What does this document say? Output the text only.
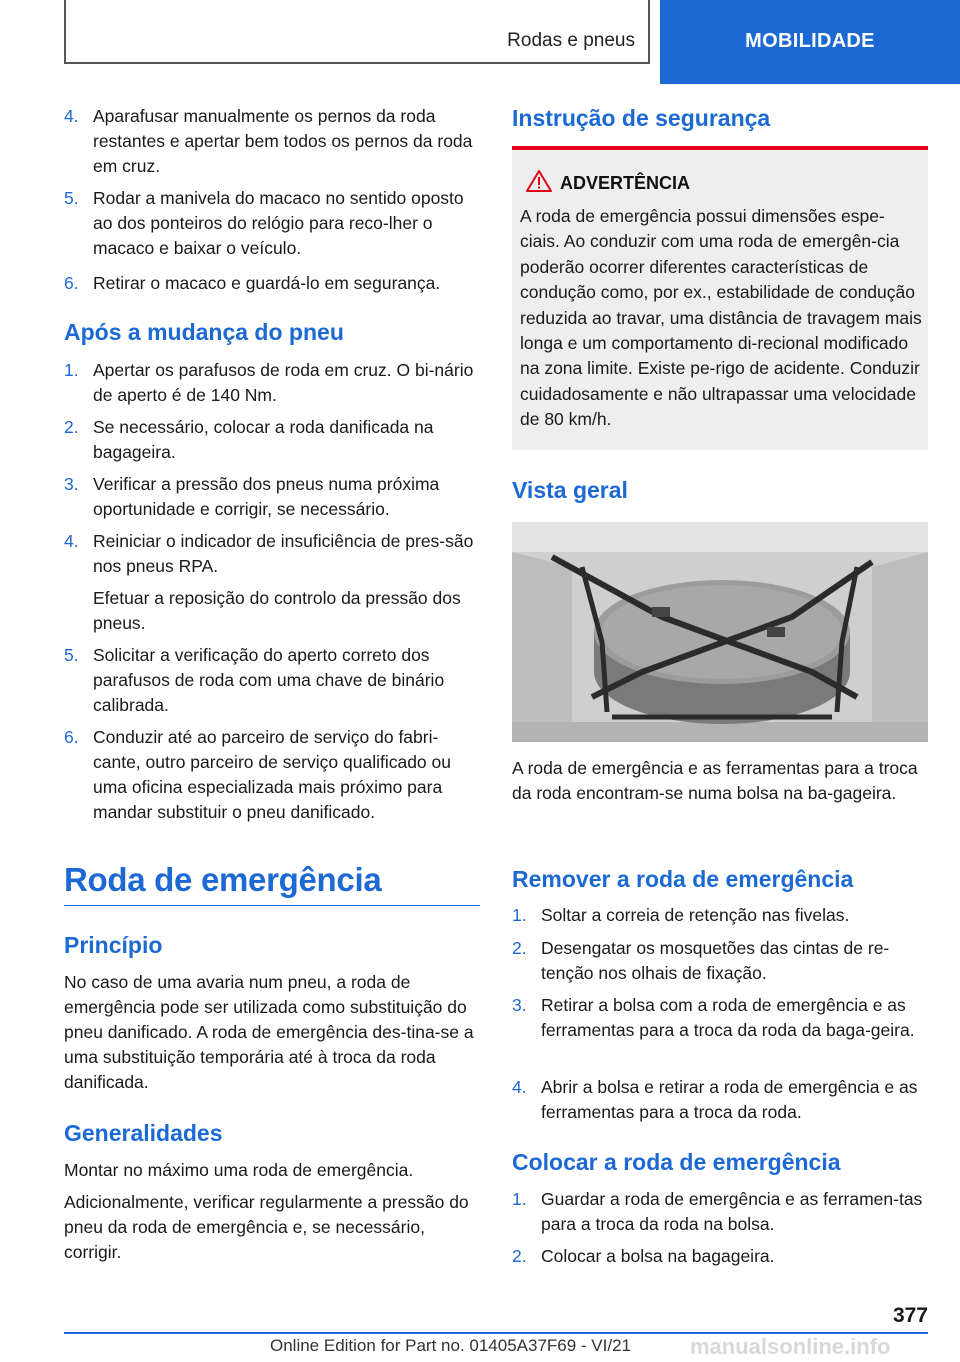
Rodas e pneus	MOBILIDADE
4. Aparafusar manualmente os pernos da roda restantes e apertar bem todos os pernos da roda em cruz.
5. Rodar a manivela do macaco no sentido oposto ao dos ponteiros do relógio para reco-lher o macaco e baixar o veículo.
6. Retirar o macaco e guardá-lo em segurança.
Após a mudança do pneu
1. Apertar os parafusos de roda em cruz. O bi-nário de aperto é de 140 Nm.
2. Se necessário, colocar a roda danificada na bagageira.
3. Verificar a pressão dos pneus numa próxima oportunidade e corrigir, se necessário.
4. Reiniciar o indicador de insuficiência de pres-são nos pneus RPA.
Efetuar a reposição do controlo da pressão dos pneus.
5. Solicitar a verificação do aperto correto dos parafusos de roda com uma chave de binário calibrada.
6. Conduzir até ao parceiro de serviço do fabri-cante, outro parceiro de serviço qualificado ou uma oficina especializada mais próximo para mandar substituir o pneu danificado.
Roda de emergência
Princípio
No caso de uma avaria num pneu, a roda de emergência pode ser utilizada como substituição do pneu danificado. A roda de emergência des-tina-se a uma substituição temporária até à troca da roda danificada.
Generalidades
Montar no máximo uma roda de emergência.
Adicionalmente, verificar regularmente a pressão do pneu da roda de emergência e, se necessário, corrigir.
Instrução de segurança
ADVERTÊNCIA
A roda de emergência possui dimensões espe-ciais. Ao conduzir com uma roda de emergên-cia poderão ocorrer diferentes características de condução como, por ex., estabilidade de condução reduzida ao travar, uma distância de travagem mais longa e um comportamento di-recional modificado na zona limite. Existe pe-rigo de acidente. Conduzir cuidadosamente e não ultrapassar uma velocidade de 80 km/h.
Vista geral
A roda de emergência e as ferramentas para a troca da roda encontram-se numa bolsa na ba-gageira.
Remover a roda de emergência
1. Soltar a correia de retenção nas fivelas.
2. Desengatar os mosquetões das cintas de re-tenção nos olhais de fixação.
3. Retirar a bolsa com a roda de emergência e as ferramentas para a troca da roda da baga-geira.
4. Abrir a bolsa e retirar a roda de emergência e as ferramentas para a troca da roda.
Colocar a roda de emergência
1. Guardar a roda de emergência e as ferramen-tas para a troca da roda na bolsa.
2. Colocar a bolsa na bagageira.
377
manualsonline.info
Online Edition for Part no. 01405A37F69 - VI/21
